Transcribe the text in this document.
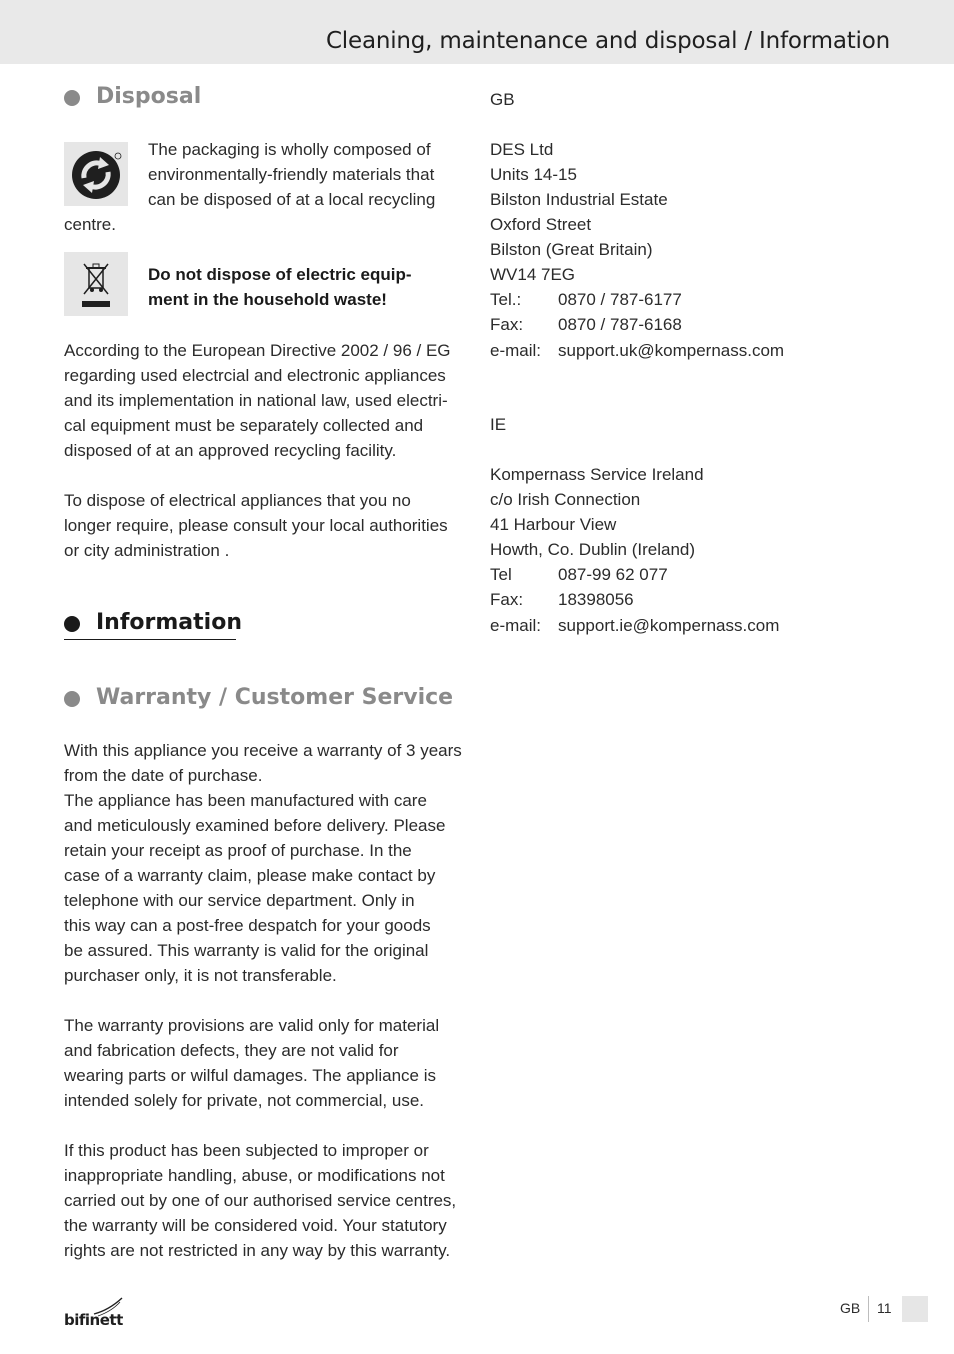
Cleaning, maintenance and disposal / Information
Disposal
The packaging is wholly composed of
environmentally-friendly materials that
can be disposed of at a local recycling
centre.
Do not dispose of electric equip-
ment in the household waste!
According to the European Directive 2002 / 96 / EG
regarding used electrcial and electronic appliances
and its implementation in national law, used electri-
cal equipment must be separately collected and
disposed of at an approved recycling facility.
To dispose of electrical appliances that you no
longer require, please consult your local authorities
or city administration .
Information
Warranty / Customer Service
With this appliance you receive a warranty of 3 years
from the date of purchase.
The appliance has been manufactured with care
and meticulously examined before delivery. Please
retain your receipt as proof of purchase. In the
case of a warranty claim, please make contact by
telephone with our service department. Only in
this way can a post-free despatch for your goods
be assured. This warranty is valid for the original
purchaser only, it is not transferable.
The warranty provisions are valid only for material
and fabrication defects, they are not valid for
wearing parts or wilful damages. The appliance is
intended solely for private, not commercial, use.
If this product has been subjected to improper or
inappropriate handling, abuse, or modifications not
carried out by one of our authorised service centres,
the warranty will be considered void. Your statutory
rights are not restricted in any way by this warranty.
GB
DES Ltd
Units 14-15
Bilston Industrial Estate
Oxford Street
Bilston (Great Britain)
WV14 7EG
Tel.: 0870 / 787-6177
Fax: 0870 / 787-6168
e-mail: support.uk@kompernass.com
IE
Kompernass Service Ireland
c/o Irish Connection
41 Harbour View
Howth, Co. Dublin (Ireland)
Tel	087-99 62 077
Fax: 18398056
e-mail: support.ie@kompernass.com
bifinett
GB 11
